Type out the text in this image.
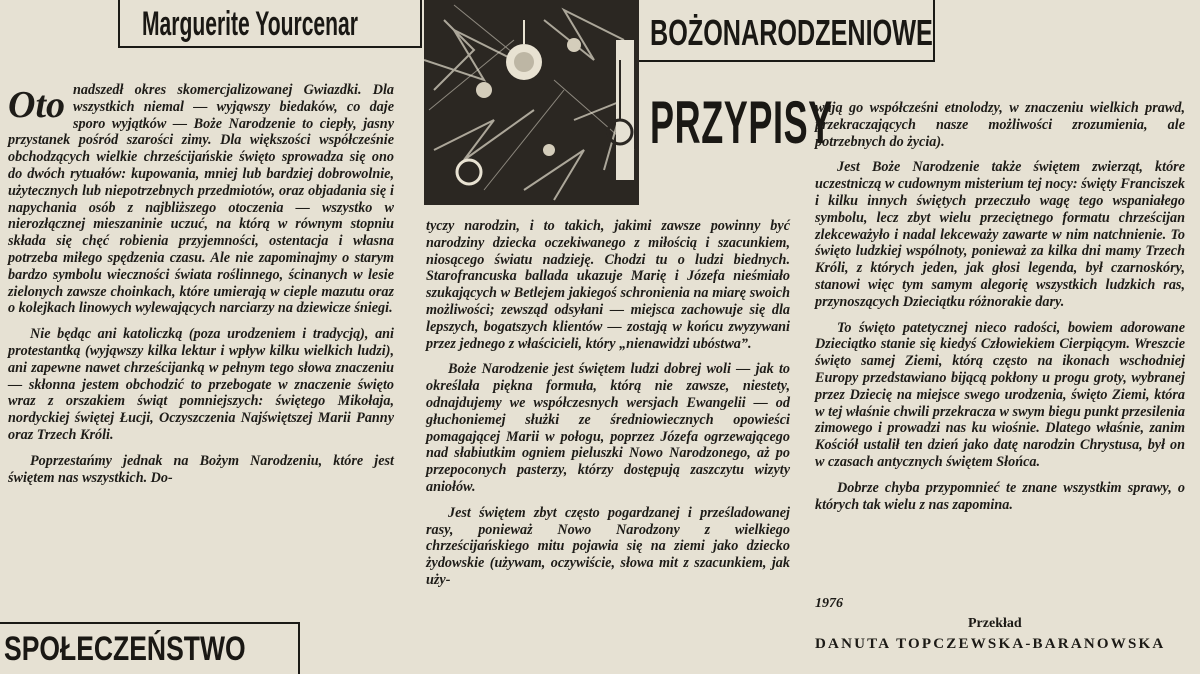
Marguerite Yourcenar	BOŻONARODZENIOWE
PRZYPISY

Oto nadszedł okres skomercjalizowanej Gwiazdki. Dla wszystkich niemal — wyjąwszy biedaków, co daje sporo wyjątków — Boże Narodzenie to ciepły, jasny przystanek pośród szarości zimy. Dla większości współcześnie obchodzących wielkie chrześcijańskie święto sprowadza się ono do dwóch rytuałów: kupowania, mniej lub bardziej dobrowolnie, użytecznych lub niepotrzebnych przedmiotów, oraz objadania się i napychania osób z najbliższego otoczenia — wszystko w nierozłącznej mieszaninie uczuć, na którą w równym stopniu składa się chęć robienia przyjemności, ostentacja i własna potrzeba miłego spędzenia czasu. Ale nie zapominajmy o starym bardzo symbolu wieczności świata roślinnego, ścinanych w lesie zielonych zawsze choinkach, które umierają w cieple mazutu oraz o kolejkach linowych wylewających narciarzy na dziewicze śniegi.

Nie będąc ani katoliczką (poza urodzeniem i tradycją), ani protestantką (wyjąwszy kilka lektur i wpływ kilku wielkich ludzi), ani zapewne nawet chrześcijanką w pełnym tego słowa znaczeniu — skłonna jestem obchodzić to przebogate w znaczenie święto wraz z orszakiem świąt pomniejszych: świętego Mikołaja, nordyckiej świętej Łucji, Oczyszczenia Najświętszej Marii Panny oraz Trzech Króli.

Poprzestańmy jednak na Bożym Narodzeniu, które jest świętem nas wszystkich. Do-

tyczy narodzin, i to takich, jakimi zawsze powinny być narodziny dziecka oczekiwanego z miłością i szacunkiem, niosącego światu nadzieję. Chodzi tu o ludzi biednych. Starofrancuska ballada ukazuje Marię i Józefa nieśmiało szukających w Betlejem jakiegoś schronienia na miarę swoich możliwości; zewsząd odsyłani — miejsca zachowuje się dla lepszych, bogatszych klientów — zostają w końcu zwyzywani przez jednego z właścicieli, który „nienawidzi ubóstwa”.

Boże Narodzenie jest świętem ludzi dobrej woli — jak to określała piękna formuła, którą nie zawsze, niestety, odnajdujemy we współczesnych wersjach Ewangelii — od głuchoniemej służki ze średniowiecznych opowieści pomagającej Marii w połogu, poprzez Józefa ogrzewającego nad słabiutkim ogniem pieluszki Nowo Narodzonego, aż po przepoconych pasterzy, którzy dostępują zaszczytu wizyty aniołów.

Jest świętem zbyt często pogardzanej i prześladowanej rasy, ponieważ Nowo Narodzony z wielkiego chrześcijańskiego mitu pojawia się na ziemi jako dziecko żydowskie (używam, oczywiście, słowa mit z szacunkiem, jak uży-

wają go współcześni etnolodzy, w znaczeniu wielkich prawd, przekraczających nasze możliwości zrozumienia, ale potrzebnych do życia).

Jest Boże Narodzenie także świętem zwierząt, które uczestniczą w cudownym misterium tej nocy: święty Franciszek i kilku innych świętych przeczuło wagę tego wspaniałego symbolu, lecz zbyt wielu przeciętnego formatu chrześcijan zlekceważyło i nadal lekceważy zawarte w nim natchnienie. To święto ludzkiej wspólnoty, ponieważ za kilka dni mamy Trzech Króli, z których jeden, jak głosi legenda, był czarnoskóry, stanowi więc tym samym alegorię wszystkich ludzkich ras, przynoszących Dzieciątku różnorakie dary.

To święto patetycznej nieco radości, bowiem adorowane Dzieciątko stanie się kiedyś Człowiekiem Cierpiącym. Wreszcie święto samej Ziemi, którą często na ikonach wschodniej Europy przedstawiano bijącą pokłony u progu groty, wybranej przez Dziecię na miejsce swego urodzenia, święto Ziemi, która w tej właśnie chwili przekracza w swym biegu punkt przesilenia zimowego i prowadzi nas ku wiośnie. Dlatego właśnie, zanim Kościół ustalił ten dzień jako datę narodzin Chrystusa, był on w czasach antycznych świętem Słońca.

Dobrze chyba przypomnieć te znane wszystkim sprawy, o których tak wielu z nas zapomina.

1976
Przekład
DANUTA TOPCZEWSKA-BARANOWSKA
SPOŁECZEŃSTWO
